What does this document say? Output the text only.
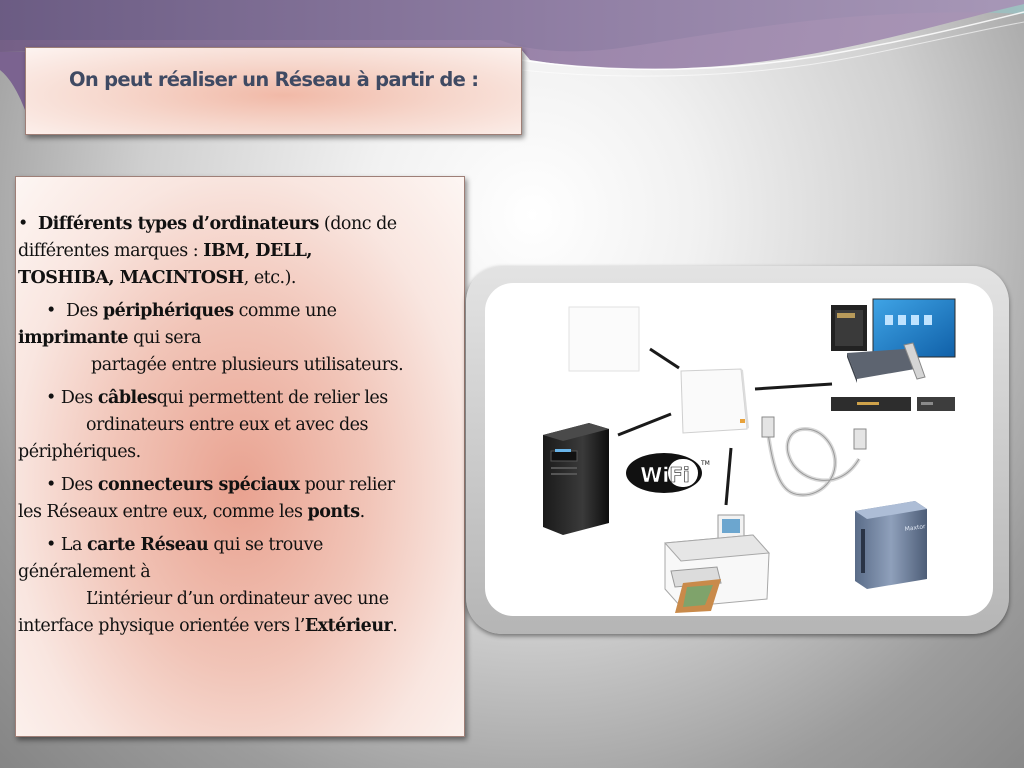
On peut réaliser un Réseau à partir de :

• Différents types d’ordinateurs (donc de
différentes marques : IBM, DELL,
TOSHIBA, MACINTOSH, etc.).

•  Des périphériques comme une
imprimante qui sera
partagée entre plusieurs utilisateurs.

• Des câblesqui permettent de relier les
ordinateurs entre eux et avec des
périphériques.

• Des connecteurs spéciaux pour relier
les Réseaux entre eux, comme les ponts.

• La carte Réseau qui se trouve
généralement à
L’intérieur d’un ordinateur avec une
interface physique orientée vers l’Extérieur.

WiFi TM
Maxtor
